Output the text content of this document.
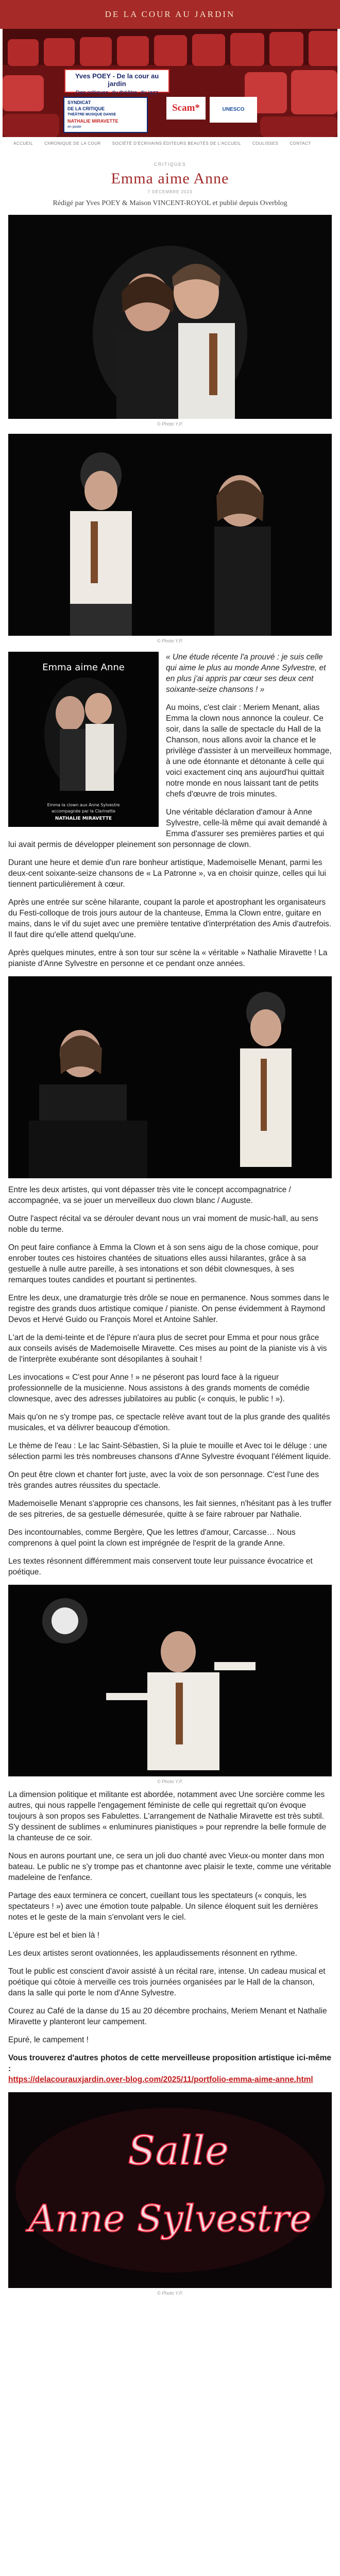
DE LA COUR AU JARDIN
Yves POEY - De la cour au jardin
Des critiques, du théâtre, du jazz
SYNDICAT
DE LA CRITIQUE
THÉÂTRE MUSIQUE DANSE
NATHALIE MIRAVETTE
en poste
Scam*	UNESCO
ACCUEIL	CHRONIQUE DE LA COUR	SOCIÉTÉ D'ÉCRIVAINS ÉDITEURS BEAUTÉS DE L'ACCUEIL	COULISSES	CONTACT
CRITIQUES
Emma aime Anne
7 DÉCEMBRE 2023
Rédigé par Yves POEY & Maison VINCENT-ROYOL et publié depuis Overblog
© Photo Y.P.
© Photo Y.P.
Emma aime Anne
Emma la clown aux Anne Sylvestre
accompagnée par la Clarinette
NATHALIE MIRAVETTE

« Une étude récente l'a prouvé : je suis celle qui aime le plus au monde Anne Sylvestre, et en plus j'ai appris par cœur ses deux cent soixante-seize chansons ! »

Au moins, c'est clair : Meriem Menant, alias Emma la clown nous annonce la couleur. Ce soir, dans la salle de spectacle du Hall de la Chanson, nous allons avoir la chance et le privilège d'assister à un merveilleux hommage, à une ode étonnante et détonante à celle qui voici exactement cinq ans aujourd'hui quittait notre monde en nous laissant tant de petits chefs d'œuvre de trois minutes.

Une véritable déclaration d'amour à Anne Sylvestre, celle-là même qui avait demandé à Emma d'assurer ses premières parties et qui lui avait permis de développer pleinement son personnage de clown.

Durant une heure et demie d'un rare bonheur artistique, Mademoiselle Menant, parmi les deux-cent soixante-seize chansons de « La Patronne », va en choisir quinze, celles qui lui tiennent particulièrement à cœur.

Après une entrée sur scène hilarante, coupant la parole et apostrophant les organisateurs du Festi-colloque de trois jours autour de la chanteuse, Emma la Clown entre, guitare en mains, dans le vif du sujet avec une première tentative d'interprétation des Amis d'autrefois. Il faut dire qu'elle attend quelqu'une.

Après quelques minutes, entre à son tour sur scène la « véritable » Nathalie Miravette ! La pianiste d'Anne Sylvestre en personne et ce pendant onze années.

Entre les deux artistes, qui vont dépasser très vite le concept accompagnatrice / accompagnée, va se jouer un merveilleux duo clown blanc / Auguste.

Outre l'aspect récital va se dérouler devant nous un vrai moment de music-hall, au sens noble du terme.

On peut faire confiance à Emma la Clown et à son sens aigu de la chose comique, pour enrober toutes ces histoires chantées de situations elles aussi hilarantes, grâce à sa gestuelle à nulle autre pareille, à ses intonations et son débit clownesques, à ses remarques toutes candides et pourtant si pertinentes.

Entre les deux, une dramaturgie très drôle se noue en permanence. Nous sommes dans le registre des grands duos artistique comique / pianiste. On pense évidemment à Raymond Devos et Hervé Guido ou François Morel et Antoine Sahler.

L'art de la demi-teinte et de l'épure n'aura plus de secret pour Emma et pour nous grâce aux conseils avisés de Mademoiselle Miravette. Ces mises au point de la pianiste vis à vis de l'interprète exubérante sont désopilantes à souhait !

Les invocations « C'est pour Anne ! » ne péseront pas lourd face à la rigueur professionnelle de la musicienne. Nous assistons à des grands moments de comédie clownesque, avec des adresses jubilatoires au public (« conquis, le public ! »).

Mais qu'on ne s'y trompe pas, ce spectacle relève avant tout de la plus grande des qualités musicales, et va délivrer beaucoup d'émotion.

Le thème de l'eau : Le lac Saint-Sébastien, Si la pluie te mouille et Avec toi le déluge : une sélection parmi les très nombreuses chansons d'Anne Sylvestre évoquant l'élément liquide.

On peut être clown et chanter fort juste, avec la voix de son personnage. C'est l'une des très grandes autres réussites du spectacle.

Mademoiselle Menant s'approprie ces chansons, les fait siennes, n'hésitant pas à les truffer de ses pitreries, de sa gestuelle démesurée, quitte à se faire rabrouer par Nathalie.

Des incontournables, comme Bergère, Que les lettres d'amour, Carcasse… Nous comprenons à quel point la clown est imprégnée de l'esprit de la grande Anne.

Les textes résonnent différemment mais conservent toute leur puissance évocatrice et poétique.

© Photo Y.P.

La dimension politique et militante est abordée, notamment avec Une sorcière comme les autres, qui nous rappelle l'engagement féministe de celle qui regrettait qu'on évoque toujours à son propos ses Fabulettes. L'arrangement de Nathalie Miravette est très subtil. S'y dessinent de sublimes « enluminures pianistiques » pour reprendre la belle formule de la chanteuse de ce soir.

Nous en aurons pourtant une, ce sera un joli duo chanté avec Vieux-ou monter dans mon bateau. Le public ne s'y trompe pas et chantonne avec plaisir le texte, comme une véritable madeleine de l'enfance.

Partage des eaux terminera ce concert, cueillant tous les spectateurs (« conquis, les spectateurs ! ») avec une émotion toute palpable. Un silence éloquent suit les dernières notes et le geste de la main s'envolant vers le ciel.

L'épure est bel et bien là !

Les deux artistes seront ovationnées, les applaudissements résonnent en rythme.

Tout le public est conscient d'avoir assisté à un récital rare, intense. Un cadeau musical et poétique qui côtoie à merveille ces trois journées organisées par le Hall de la chanson, dans la salle qui porte le nom d'Anne Sylvestre.

Courez au Café de la danse du 15 au 20 décembre prochains, Meriem Menant et Nathalie Miravette y planteront leur campement.

Epuré, le campement !

Vous trouverez d'autres photos de cette merveilleuse proposition artistique ici-même :
https://delacourauxjardin.over-blog.com/2025/11/portfolio-emma-aime-anne.html

Salle
Anne Sylvestre
© Photo Y.P.
